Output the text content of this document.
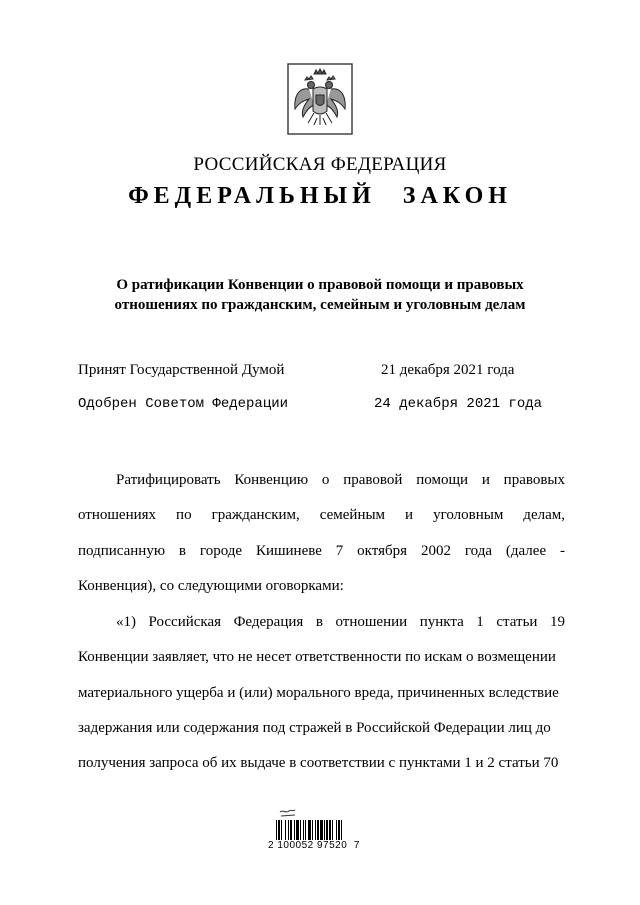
РОССИЙСКАЯ ФЕДЕРАЦИЯ
ФЕДЕРАЛЬНЫЙ ЗАКОН
О ратификации Конвенции о правовой помощи и правовых
отношениях по гражданским, семейным и уголовным делам
Принят Государственной Думой	21 декабря 2021 года
Одобрен Советом Федерации	24 декабря 2021 года
Ратифицировать Конвенцию о правовой помощи и правовых
отношениях по гражданским, семейным и уголовным делам,
подписанную в городе Кишиневе 7 октября 2002 года (далее -
Конвенция), со следующими оговорками:
«1) Российская Федерация в отношении пункта 1 статьи 19
Конвенции заявляет, что не несет ответственности по искам о возмещении
материального ущерба и (или) морального вреда, причиненных вследствие
задержания или содержания под стражей в Российской Федерации лиц до
получения запроса об их выдаче в соответствии с пунктами 1 и 2 статьи 70
2 100052 97520  7
